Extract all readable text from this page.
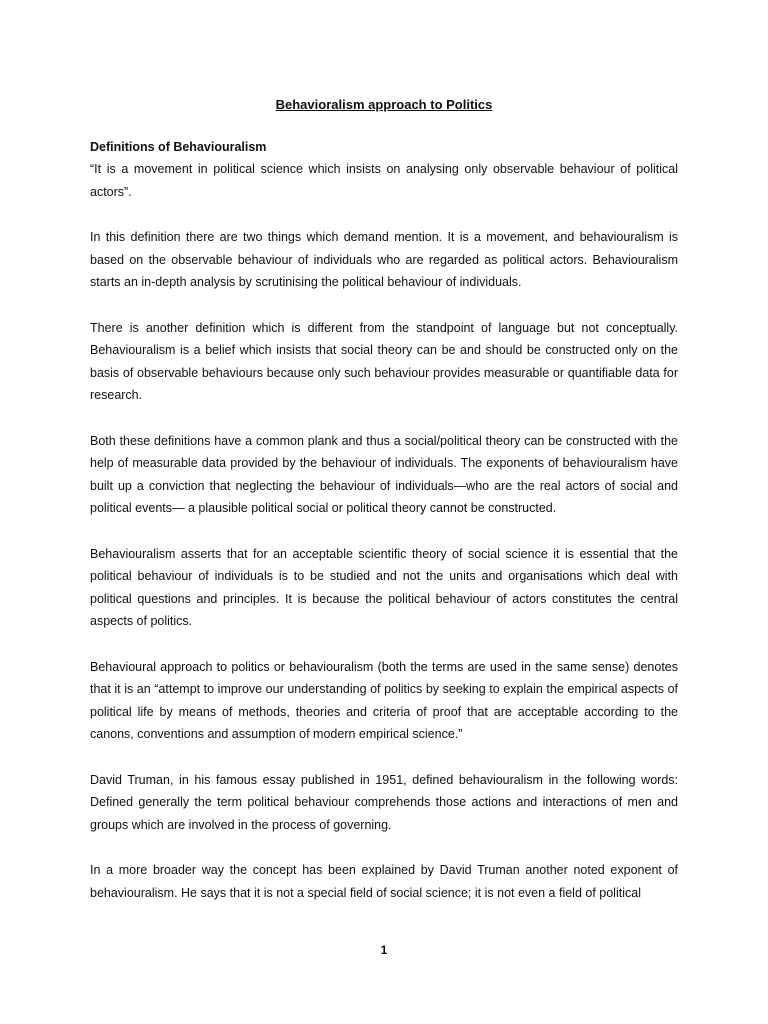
Behavioralism approach to Politics
Definitions of Behaviouralism

“It is a movement in political science which insists on analysing only observable behaviour of political actors”.

In this definition there are two things which demand mention. It is a movement, and behaviouralism is based on the observable behaviour of individuals who are regarded as political actors. Behaviouralism starts an in-depth analysis by scrutinising the political behaviour of individuals.

There is another definition which is different from the standpoint of language but not conceptually. Behaviouralism is a belief which insists that social theory can be and should be constructed only on the basis of observable behaviours because only such behaviour provides measurable or quantifiable data for research.

Both these definitions have a common plank and thus a social/political theory can be constructed with the help of measurable data provided by the behaviour of individuals. The exponents of behaviouralism have built up a conviction that neglecting the behaviour of individuals—who are the real actors of social and political events— a plausible political social or political theory cannot be constructed.

Behaviouralism asserts that for an acceptable scientific theory of social science it is essential that the political behaviour of individuals is to be studied and not the units and organisations which deal with political questions and principles. It is because the political behaviour of actors constitutes the central aspects of politics.

Behavioural approach to politics or behaviouralism (both the terms are used in the same sense) denotes that it is an “attempt to improve our understanding of politics by seeking to explain the empirical aspects of political life by means of methods, theories and criteria of proof that are acceptable according to the canons, conventions and assumption of modern empirical science.”

David Truman, in his famous essay published in 1951, defined behaviouralism in the following words: Defined generally the term political behaviour comprehends those actions and interactions of men and groups which are involved in the process of governing.

In a more broader way the concept has been explained by David Truman another noted exponent of behaviouralism. He says that it is not a special field of social science; it is not even a field of political

1
